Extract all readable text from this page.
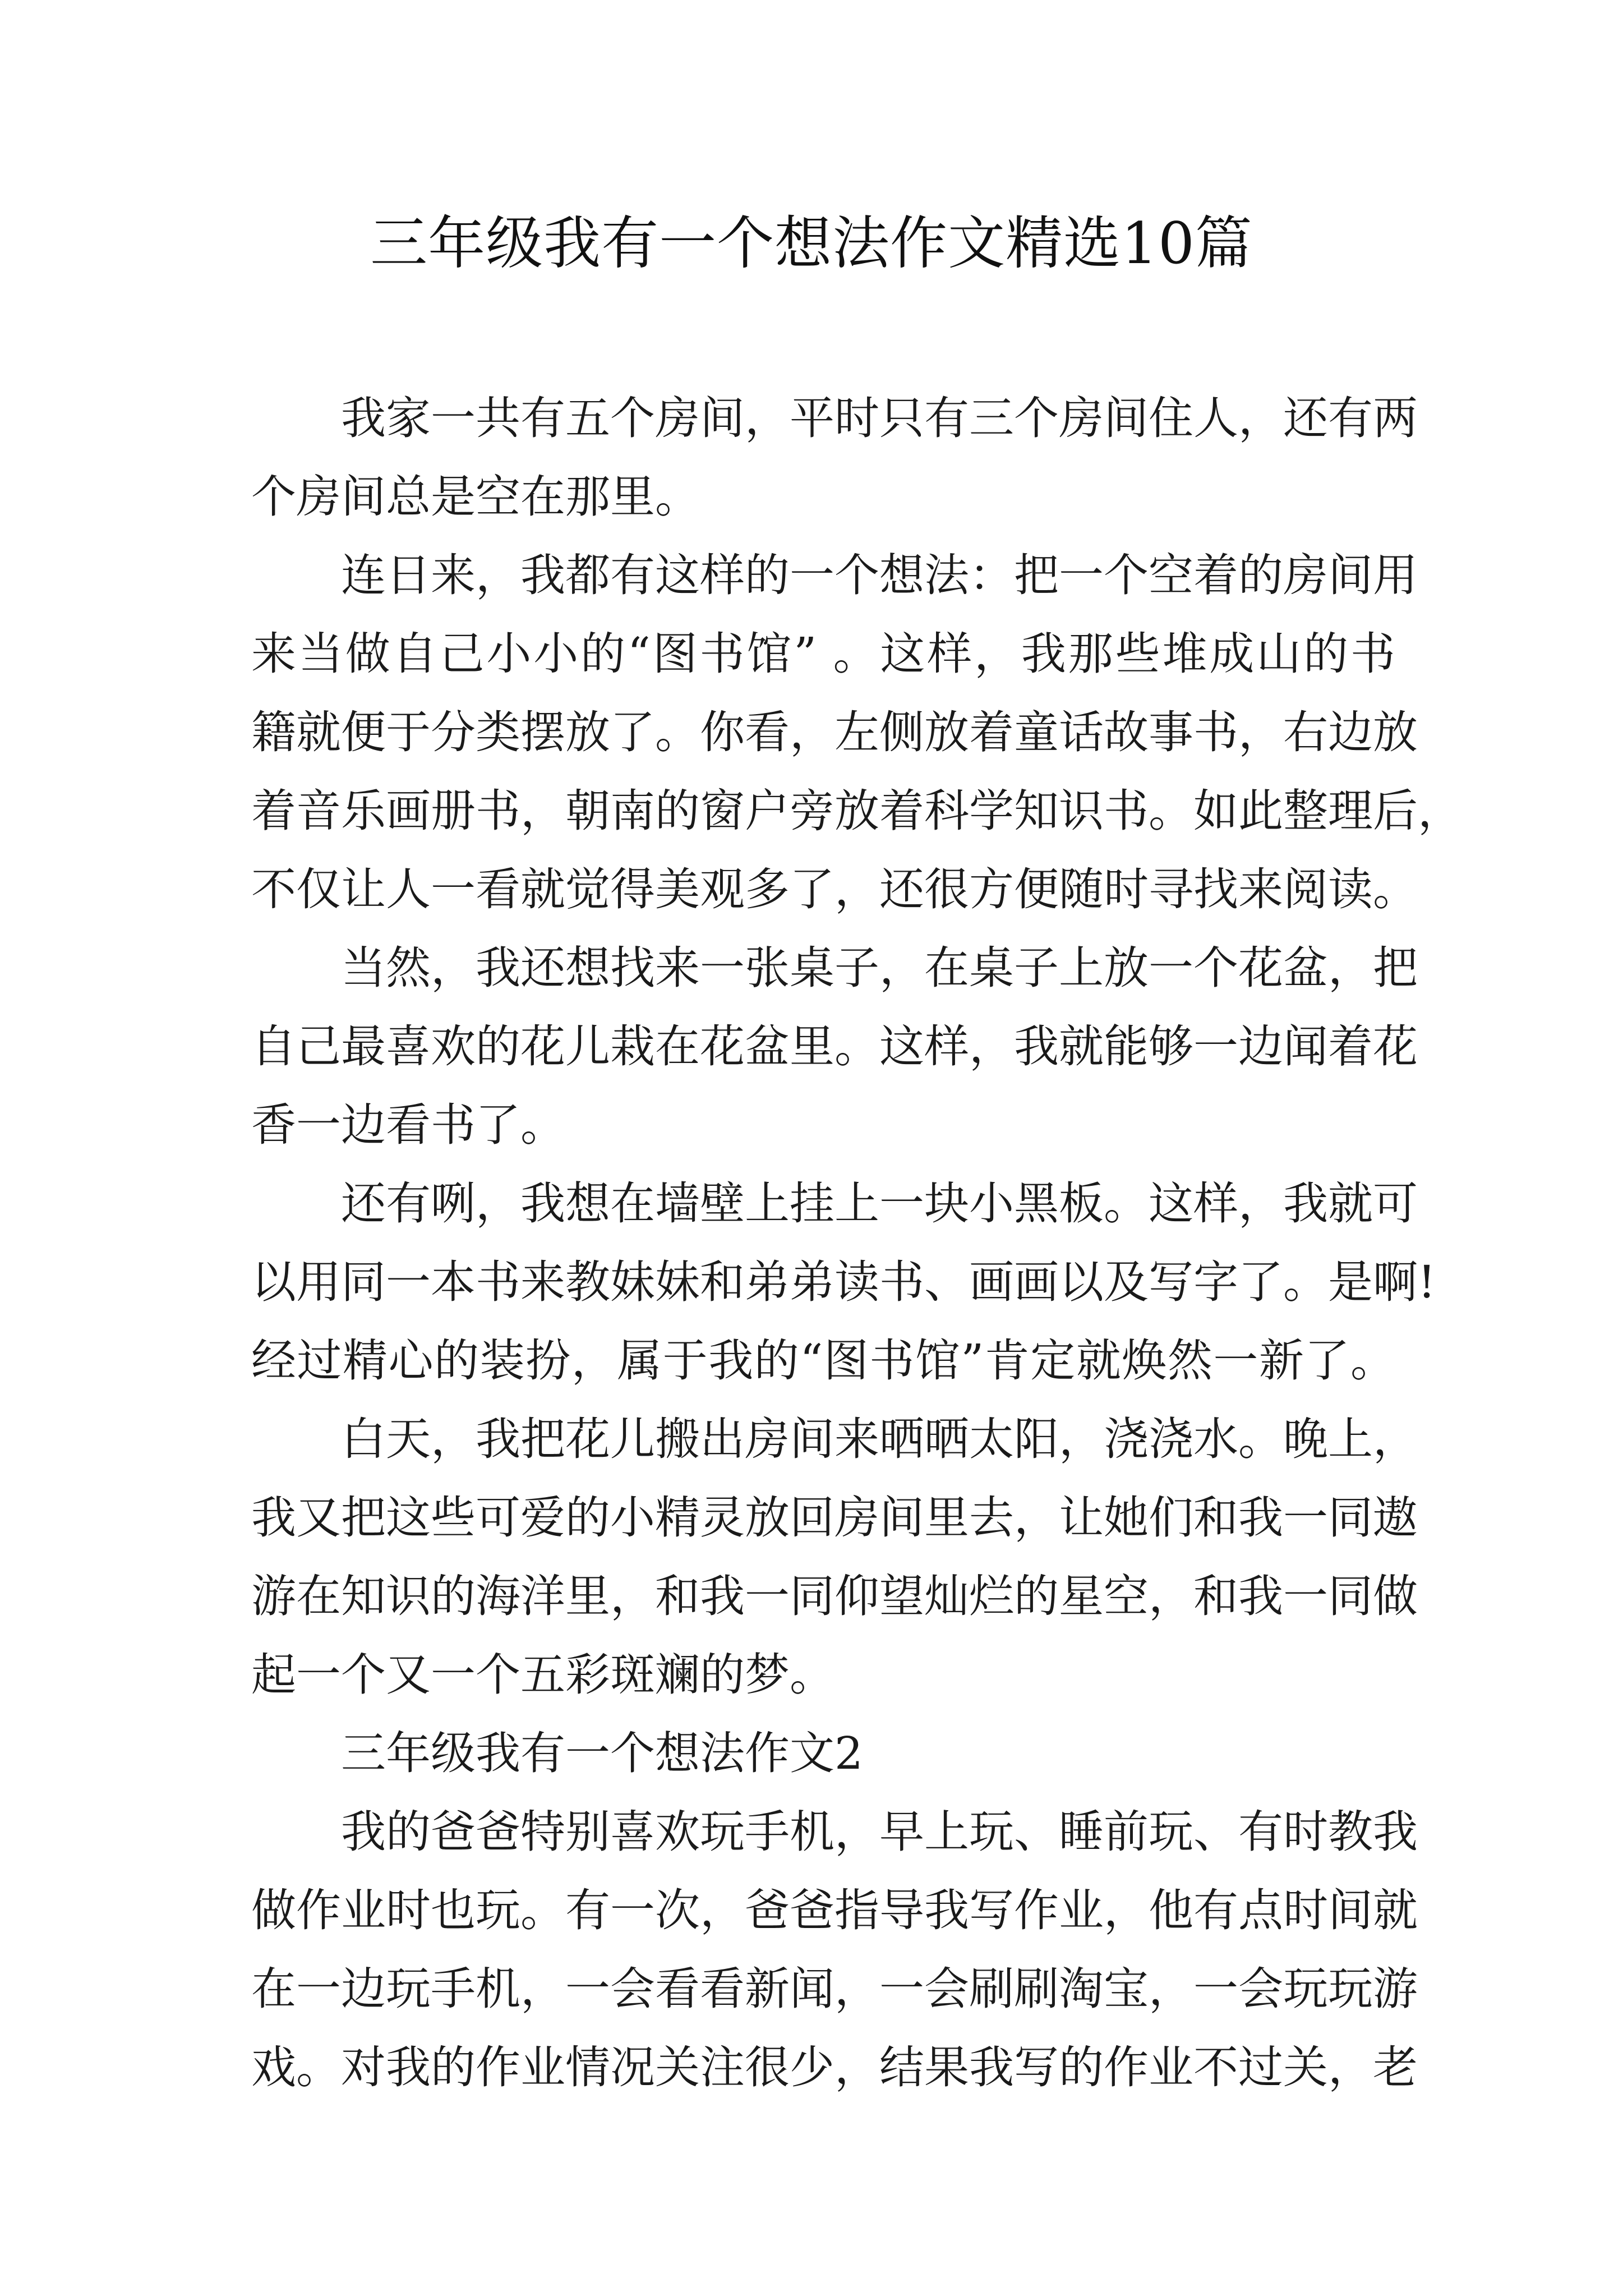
三年级我有一个想法作文精选10篇
我家一共有五个房间，平时只有三个房间住人，还有两
个房间总是空在那里。
连日来，我都有这样的一个想法：把一个空着的房间用
来当做自己小小的“图书馆” 。这样，我那些堆成山的书
籍就便于分类摆放了。你看，左侧放着童话故事书，右边放
着音乐画册书，朝南的窗户旁放着科学知识书。如此整理后，
不仅让人一看就觉得美观多了，还很方便随时寻找来阅读。
当然，我还想找来一张桌子，在桌子上放一个花盆，把
自己最喜欢的花儿栽在花盆里。这样，我就能够一边闻着花
香一边看书了。
还有咧，我想在墙壁上挂上一块小黑板。这样，我就可
以用同一本书来教妹妹和弟弟读书、画画以及写字了。是啊!
经过精心的装扮，属于我的“图书馆”肯定就焕然一新了。
白天，我把花儿搬出房间来晒晒太阳，浇浇水。晚上，
我又把这些可爱的小精灵放回房间里去，让她们和我一同遨
游在知识的海洋里，和我一同仰望灿烂的星空，和我一同做
起一个又一个五彩斑斓的梦。
三年级我有一个想法作文2
我的爸爸特别喜欢玩手机，早上玩、睡前玩、有时教我
做作业时也玩。有一次，爸爸指导我写作业，他有点时间就
在一边玩手机，一会看看新闻，一会刷刷淘宝，一会玩玩游
戏。对我的作业情况关注很少，结果我写的作业不过关，老
